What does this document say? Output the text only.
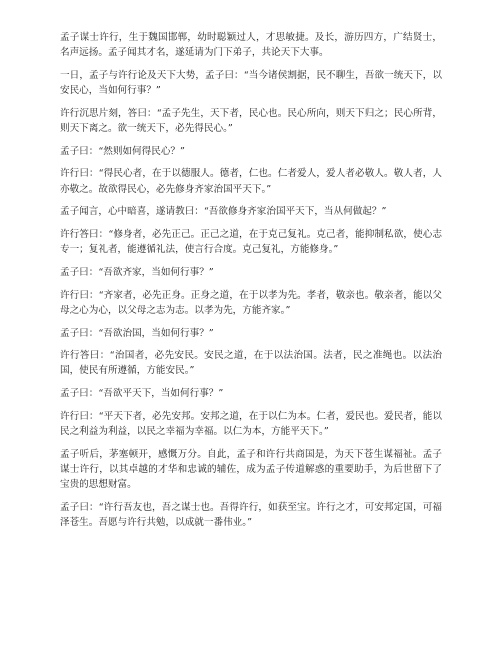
孟子谋士许行，生于魏国邯郸，幼时聪颖过人，才思敏捷。及长，游历四方，广结贤士，名声远扬。孟子闻其才名，遂延请为门下弟子，共论天下大事。

一日，孟子与许行论及天下大势，孟子曰：“当今诸侯割据，民不聊生，吾欲一统天下，以安民心，当如何行事？”

许行沉思片刻，答曰：“孟子先生，天下者，民心也。民心所向，则天下归之；民心所背，则天下离之。欲一统天下，必先得民心。”

孟子曰：“然则如何得民心？”

许行曰：“得民心者，在于以德服人。德者，仁也。仁者爱人，爱人者必敬人。敬人者，人亦敬之。故欲得民心，必先修身齐家治国平天下。”

孟子闻言，心中暗喜，遂请教曰：“吾欲修身齐家治国平天下，当从何做起？”

许行答曰：“修身者，必先正己。正己之道，在于克己复礼。克己者，能抑制私欲，使心志专一；复礼者，能遵循礼法，使言行合度。克己复礼，方能修身。”

孟子曰：“吾欲齐家，当如何行事？”

许行曰：“齐家者，必先正身。正身之道，在于以孝为先。孝者，敬亲也。敬亲者，能以父母之心为心，以父母之志为志。以孝为先，方能齐家。”

孟子曰：“吾欲治国，当如何行事？”

许行答曰：“治国者，必先安民。安民之道，在于以法治国。法者，民之准绳也。以法治国，使民有所遵循，方能安民。”

孟子曰：“吾欲平天下，当如何行事？”

许行曰：“平天下者，必先安邦。安邦之道，在于以仁为本。仁者，爱民也。爱民者，能以民之利益为利益，以民之幸福为幸福。以仁为本，方能平天下。”

孟子听后，茅塞顿开，感慨万分。自此，孟子和许行共商国是，为天下苍生谋福祉。孟子谋士许行，以其卓越的才华和忠诚的辅佐，成为孟子传道解惑的重要助手，为后世留下了宝贵的思想财富。

孟子曰：“许行吾友也，吾之谋士也。吾得许行，如获至宝。许行之才，可安邦定国，可福泽苍生。吾愿与许行共勉，以成就一番伟业。”
